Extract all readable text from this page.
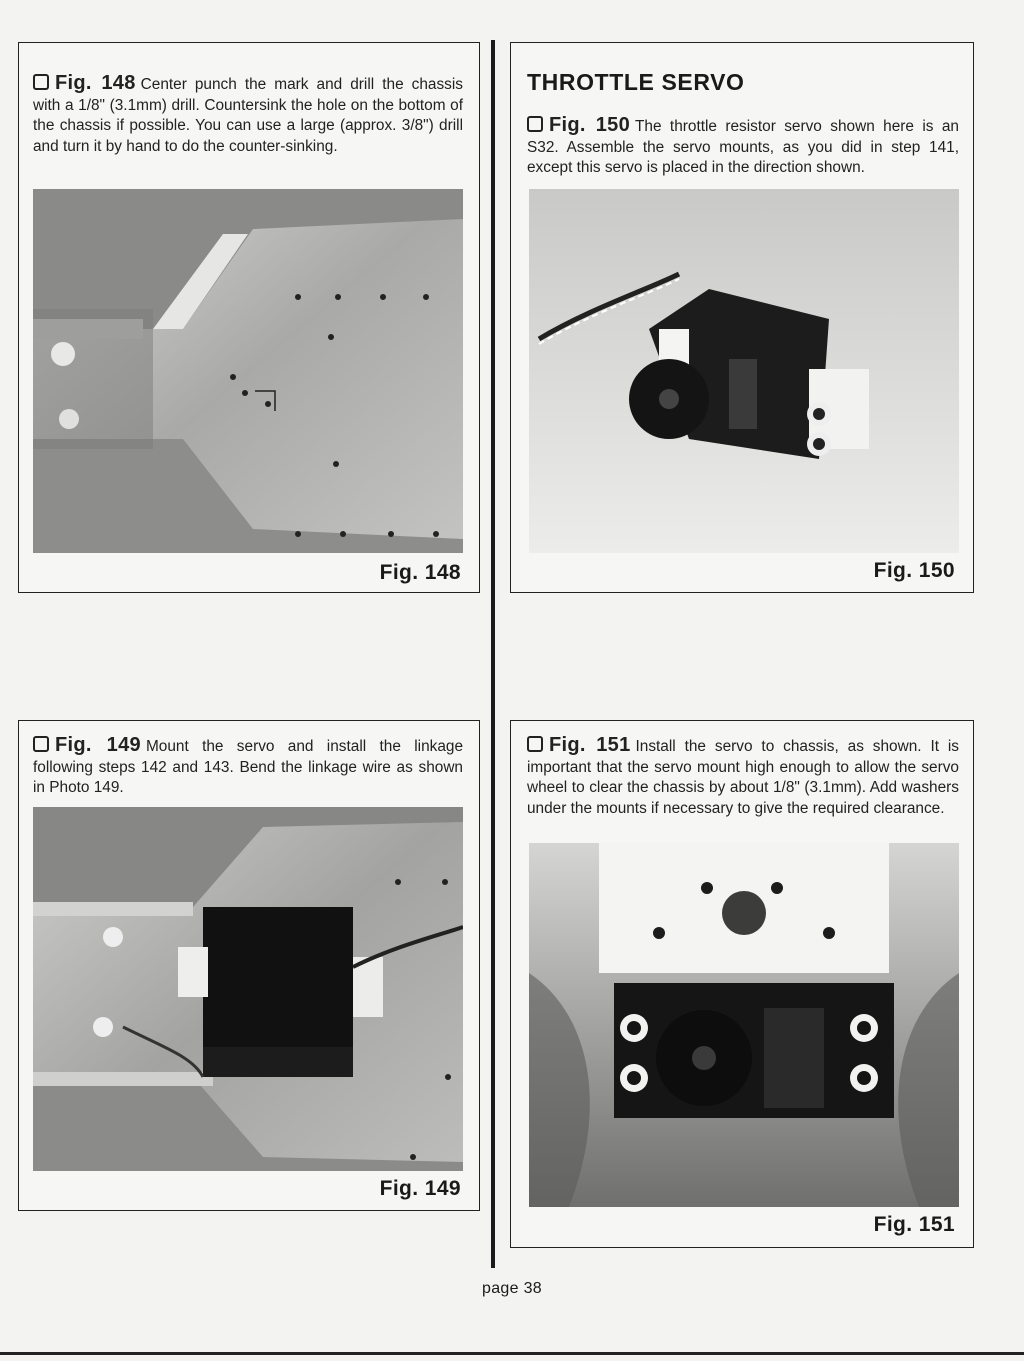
Fig. 148 Center punch the mark and drill the chassis with a 1/8" (3.1mm) drill. Countersink the hole on the bottom of the chassis if possible. You can use a large (approx. 3/8") drill and turn it by hand to do the counter-sinking.
Fig. 148
THROTTLE SERVO
Fig. 150 The throttle resistor servo shown here is an S32. Assemble the servo mounts, as you did in step 141, except this servo is placed in the direction shown.
Fig. 150
Fig. 149 Mount the servo and install the linkage following steps 142 and 143. Bend the linkage wire as shown in Photo 149.
Fig. 149
Fig. 151 Install the servo to chassis, as shown. It is important that the servo mount high enough to allow the servo wheel to clear the chassis by about 1/8" (3.1mm). Add washers under the mounts if necessary to give the required clearance.
Fig. 151
page 38
